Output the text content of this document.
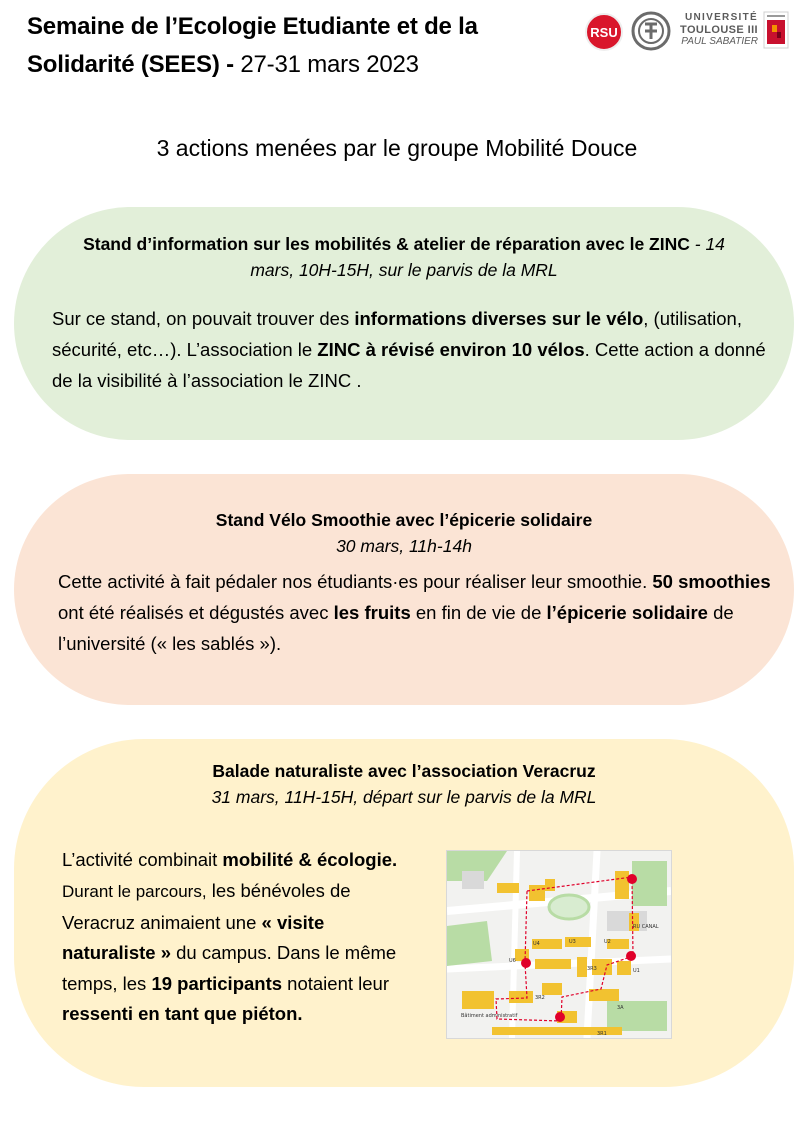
Semaine de l’Ecologie Etudiante et de la Solidarité (SEES) - 27-31 mars 2023
RSU
UNIVERSITÉ
TOULOUSE III
PAUL SABATIER
3 actions menées par le groupe Mobilité Douce
Stand d’information sur les mobilités & atelier de réparation avec le ZINC - 14 mars, 10H-15H, sur le parvis de la MRL
Sur ce stand, on pouvait trouver des informations diverses sur le vélo, (utilisation, sécurité, etc…). L’association le ZINC à révisé environ 10 vélos. Cette action a donné de la visibilité à l’association le ZINC .
Stand Vélo Smoothie avec l’épicerie solidaire
30 mars, 11h-14h
Cette activité à fait pédaler nos étudiants·es pour réaliser leur smoothie. 50 smoothies ont été réalisés et dégustés avec les fruits en fin de vie de l’épicerie solidaire de l’université (« les sablés »).
Balade naturaliste avec l’association Veracruz
31 mars, 11H-15H, départ sur le parvis de la MRL
L’activité combinait mobilité & écologie. Durant le parcours, les bénévoles de Veracruz animaient une « visite naturaliste » du campus. Dans le même temps, les 19 participants notaient leur ressenti en tant que piéton.
U4	U3	U2
U1
U6
3R3
3R2
3A
RU CANAL
Bâtiment administratif
3R1
